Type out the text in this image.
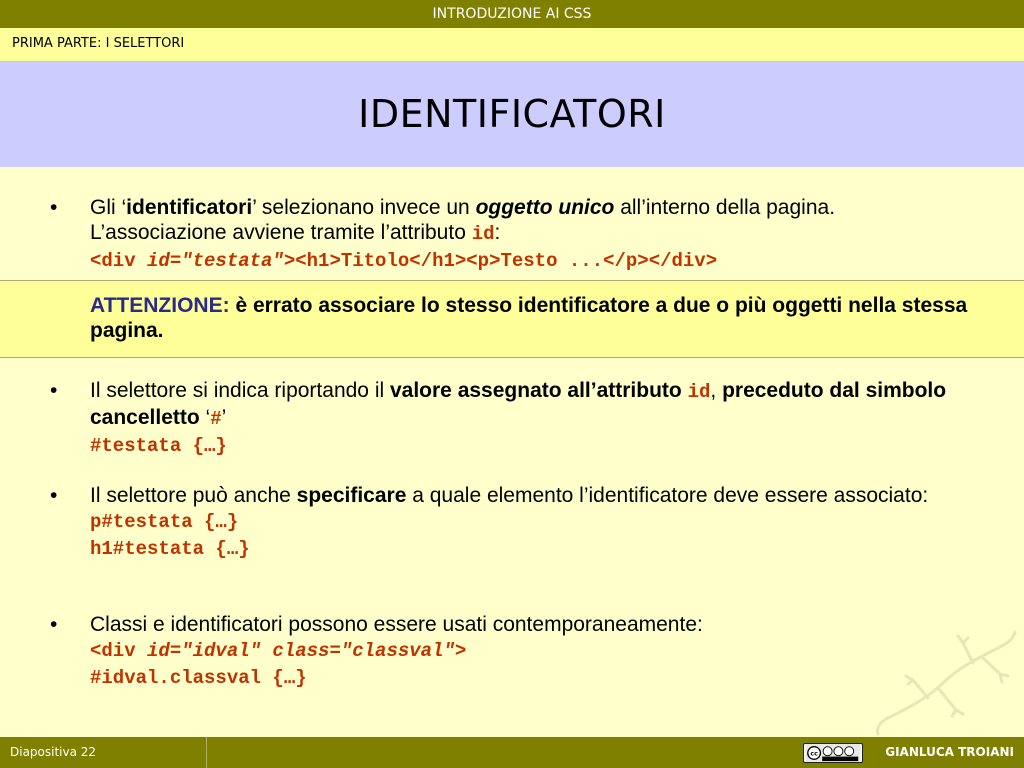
INTRODUZIONE AI CSS
PRIMA PARTE: I SELETTORI
IDENTIFICATORI
• Gli ‘identificatori’ selezionano invece un oggetto unico all’interno della pagina. L’associazione avviene tramite l’attributo id:
<div id="testata"><h1>Titolo</h1><p>Testo ...</p></div>
ATTENZIONE: è errato associare lo stesso identificatore a due o più oggetti nella stessa pagina.
• Il selettore si indica riportando il valore assegnato all’attributo id, preceduto dal simbolo cancelletto ‘#’
#testata {…}
• Il selettore può anche specificare a quale elemento l’identificatore deve essere associato:
p#testata {…}
h1#testata {…}
• Classi e identificatori possono essere usati contemporaneamente:
<div id="idval" class="classval">
#idval.classval {…}
Diapositiva 22	cc	GIANLUCA TROIANI
